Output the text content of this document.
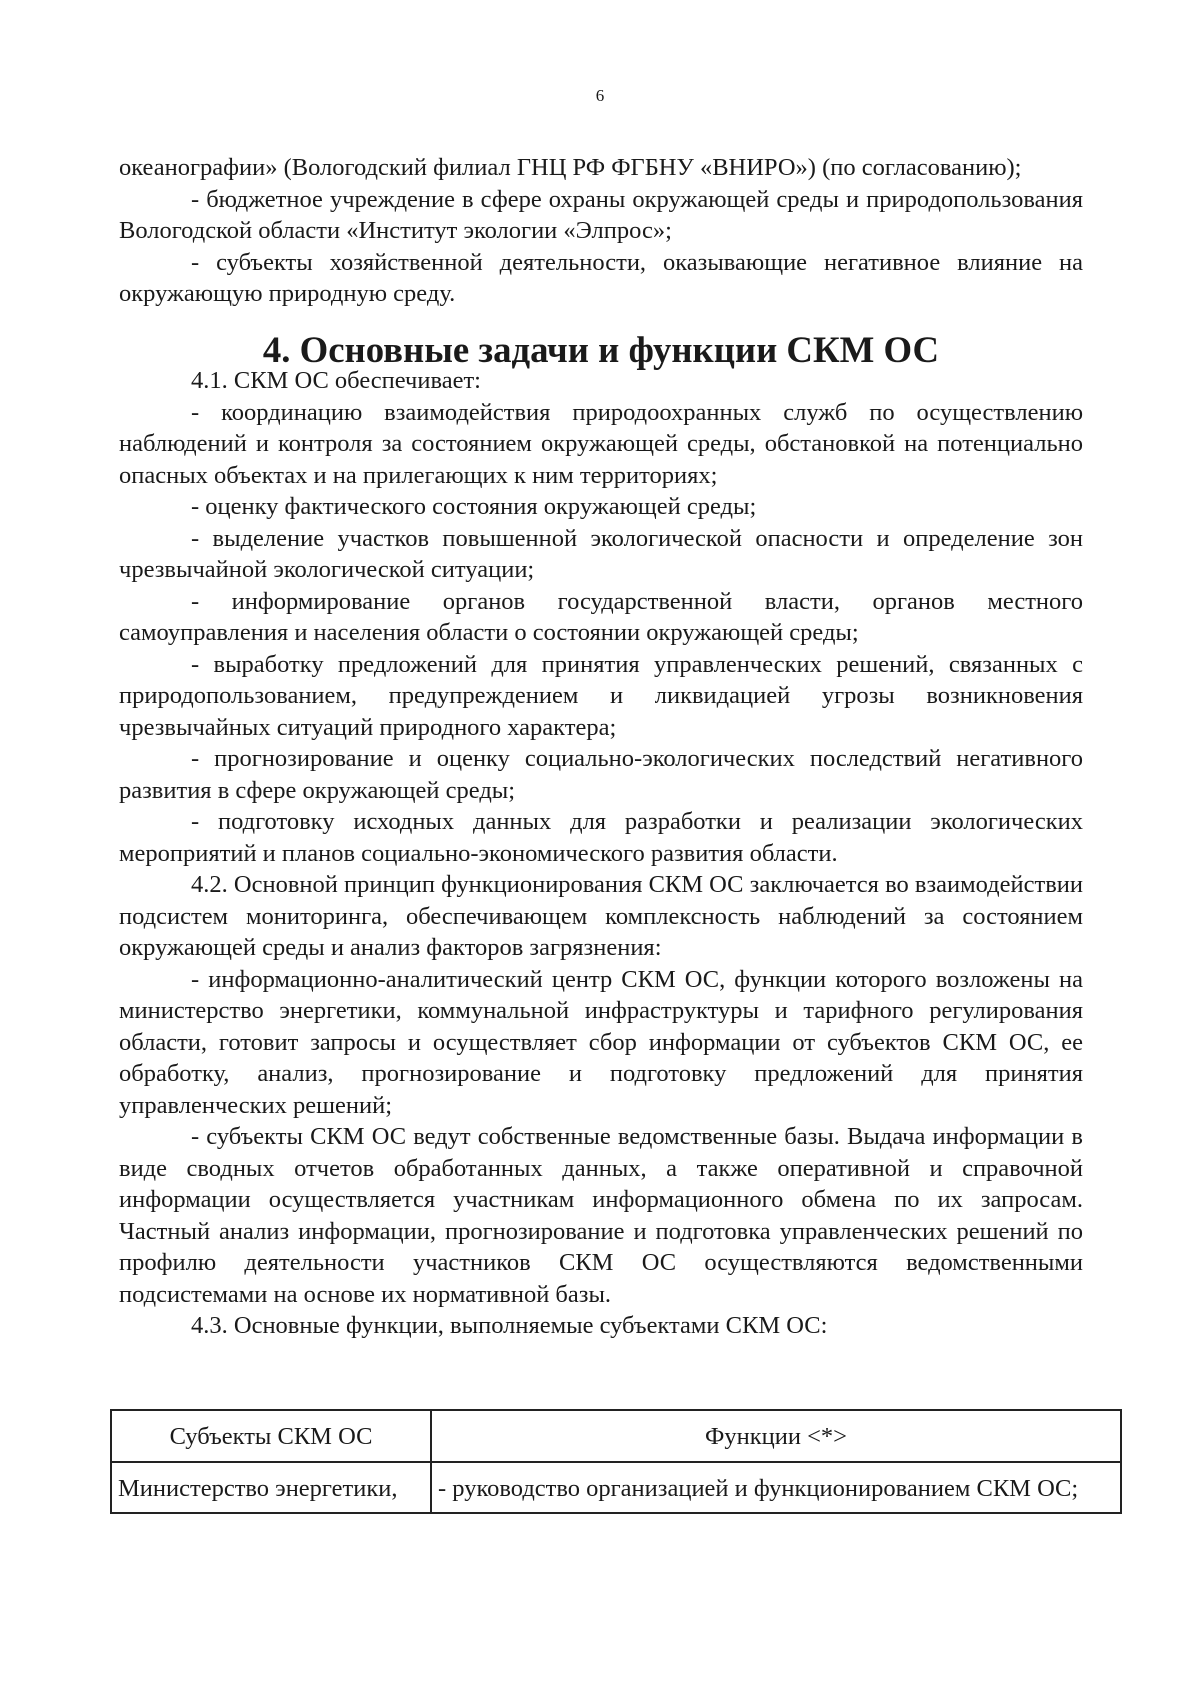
6

океанографии» (Вологодский филиал ГНЦ РФ ФГБНУ «ВНИРО») (по согласованию);

- бюджетное учреждение в сфере охраны окружающей среды и природопользования Вологодской области «Институт экологии «Элпрос»;

- субъекты хозяйственной деятельности, оказывающие негативное влияние на окружающую природную среду.

4. Основные задачи и функции СКМ ОС

4.1. СКМ ОС обеспечивает:

- координацию взаимодействия природоохранных служб по осуществлению наблюдений и контроля за состоянием окружающей среды, обстановкой на потенциально опасных объектах и на прилегающих к ним территориях;

- оценку фактического состояния окружающей среды;

- выделение участков повышенной экологической опасности и определение зон чрезвычайной экологической ситуации;

- информирование органов государственной власти, органов местного самоуправления и населения области о состоянии окружающей среды;

- выработку предложений для принятия управленческих решений, связанных с природопользованием, предупреждением и ликвидацией угрозы возникновения чрезвычайных ситуаций природного характера;

- прогнозирование и оценку социально-экологических последствий негативного развития в сфере окружающей среды;

- подготовку исходных данных для разработки и реализации экологических мероприятий и планов социально-экономического развития области.

4.2. Основной принцип функционирования СКМ ОС заключается во взаимодействии подсистем мониторинга, обеспечивающем комплексность наблюдений за состоянием окружающей среды и анализ факторов загрязнения:

- информационно-аналитический центр СКМ ОС, функции которого возложены на министерство энергетики, коммунальной инфраструктуры и тарифного регулирования области, готовит запросы и осуществляет сбор информации от субъектов СКМ ОС, ее обработку, анализ, прогнозирование и подготовку предложений для принятия управленческих решений;

- субъекты СКМ ОС ведут собственные ведомственные базы. Выдача информации в виде сводных отчетов обработанных данных, а также оперативной и справочной информации осуществляется участникам информационного обмена по их запросам. Частный анализ информации, прогнозирование и подготовка управленческих решений по профилю деятельности участников СКМ ОС осуществляются ведомственными подсистемами на основе их нормативной базы.

4.3. Основные функции, выполняемые субъектами СКМ ОС:

Субъекты СКМ ОС	Функции <*>
Министерство энергетики,	- руководство организацией и функционированием СКМ ОС;
